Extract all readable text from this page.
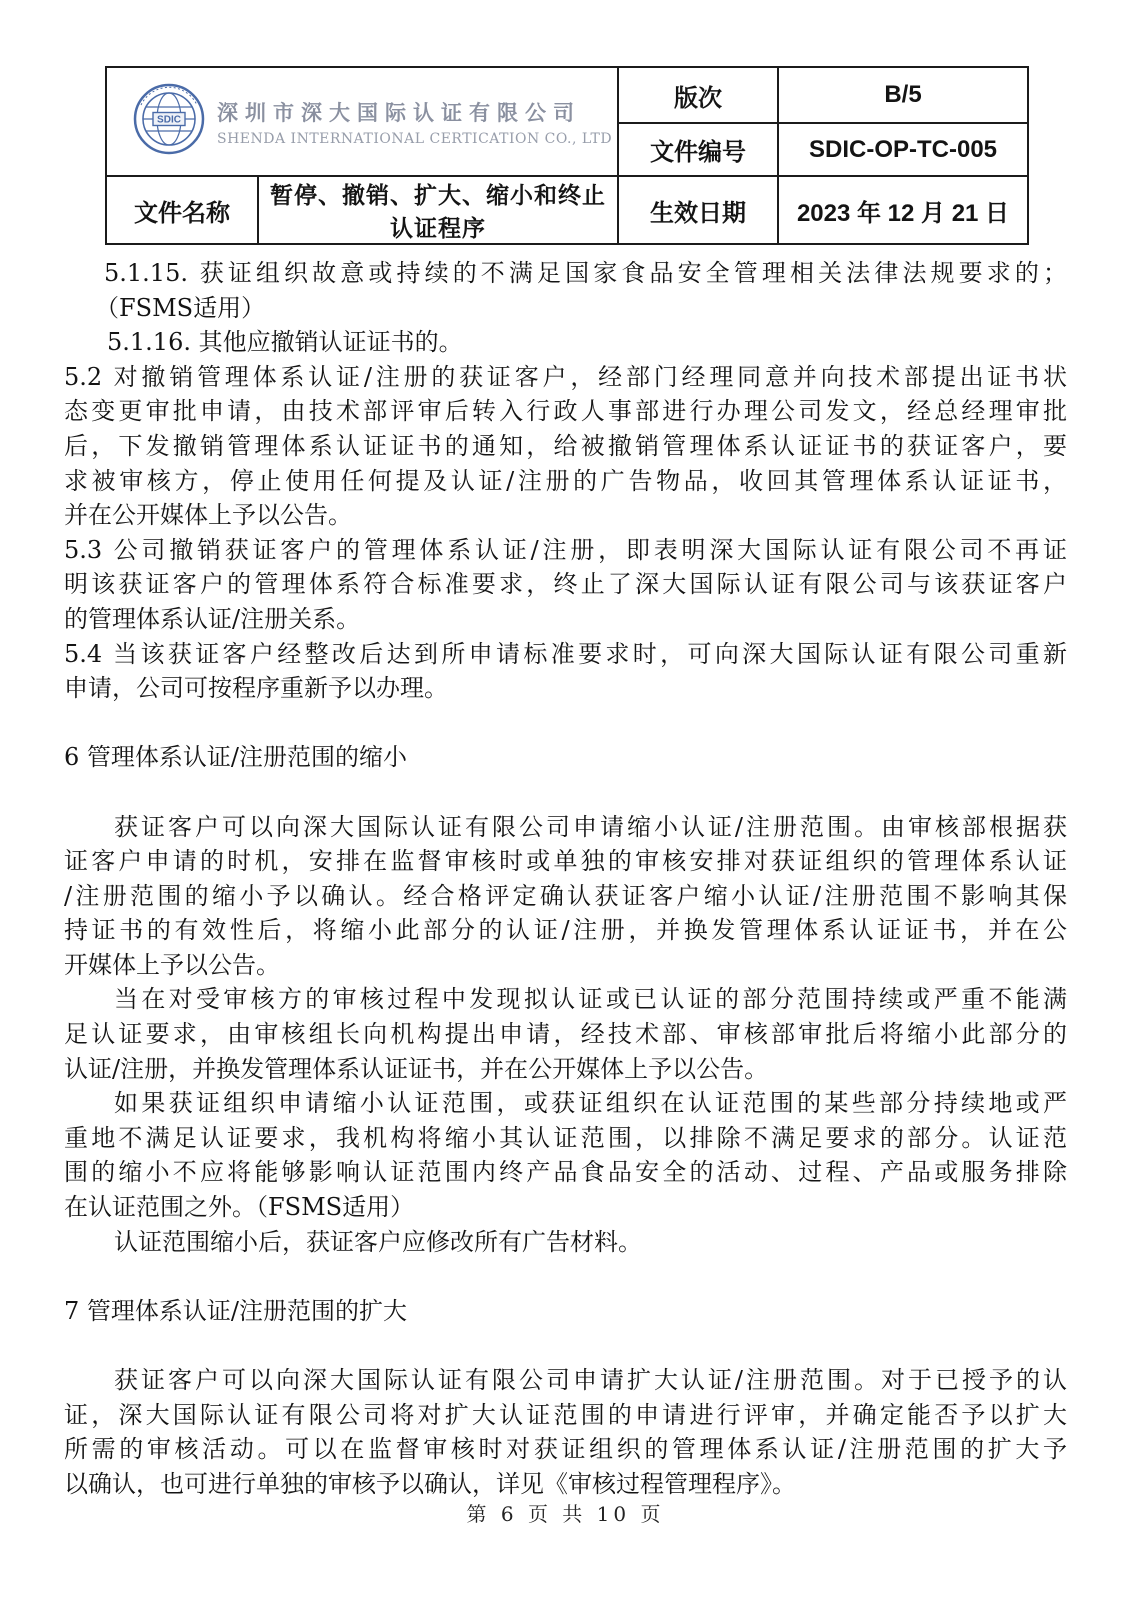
SDIC 深圳市深大国际认证有限公司
SHENDA INTERNATIONAL CERTICATION CO., LTD		版次	B/5
		文件编号	SDIC-OP-TC-005
文件名称	暂停、撤销、扩大、缩小和终止认证程序	生效日期	2023 年 12 月 21 日
5.1.15. 获证组织故意或持续的不满足国家食品安全管理相关法律法规要求的；
（FSMS适用）
5.1.16. 其他应撤销认证证书的。
5.2 对撤销管理体系认证/注册的获证客户，经部门经理同意并向技术部提出证书状
态变更审批申请，由技术部评审后转入行政人事部进行办理公司发文，经总经理审批
后，下发撤销管理体系认证证书的通知，给被撤销管理体系认证证书的获证客户，要
求被审核方，停止使用任何提及认证/注册的广告物品，收回其管理体系认证证书，
并在公开媒体上予以公告。
5.3 公司撤销获证客户的管理体系认证/注册，即表明深大国际认证有限公司不再证
明该获证客户的管理体系符合标准要求，终止了深大国际认证有限公司与该获证客户
的管理体系认证/注册关系。
5.4 当该获证客户经整改后达到所申请标准要求时，可向深大国际认证有限公司重新
申请，公司可按程序重新予以办理。
6 管理体系认证/注册范围的缩小
获证客户可以向深大国际认证有限公司申请缩小认证/注册范围。由审核部根据获
证客户申请的时机，安排在监督审核时或单独的审核安排对获证组织的管理体系认证
/注册范围的缩小予以确认。经合格评定确认获证客户缩小认证/注册范围不影响其保
持证书的有效性后，将缩小此部分的认证/注册，并换发管理体系认证证书，并在公
开媒体上予以公告。
当在对受审核方的审核过程中发现拟认证或已认证的部分范围持续或严重不能满
足认证要求，由审核组长向机构提出申请，经技术部、审核部审批后将缩小此部分的
认证/注册，并换发管理体系认证证书，并在公开媒体上予以公告。
如果获证组织申请缩小认证范围，或获证组织在认证范围的某些部分持续地或严
重地不满足认证要求，我机构将缩小其认证范围，以排除不满足要求的部分。认证范
围的缩小不应将能够影响认证范围内终产品食品安全的活动、过程、产品或服务排除
在认证范围之外。（FSMS适用）
认证范围缩小后，获证客户应修改所有广告材料。
7 管理体系认证/注册范围的扩大
获证客户可以向深大国际认证有限公司申请扩大认证/注册范围。对于已授予的认
证，深大国际认证有限公司将对扩大认证范围的申请进行评审，并确定能否予以扩大
所需的审核活动。可以在监督审核时对获证组织的管理体系认证/注册范围的扩大予
以确认，也可进行单独的审核予以确认，详见《审核过程管理程序》。
第 6 页 共 10 页
